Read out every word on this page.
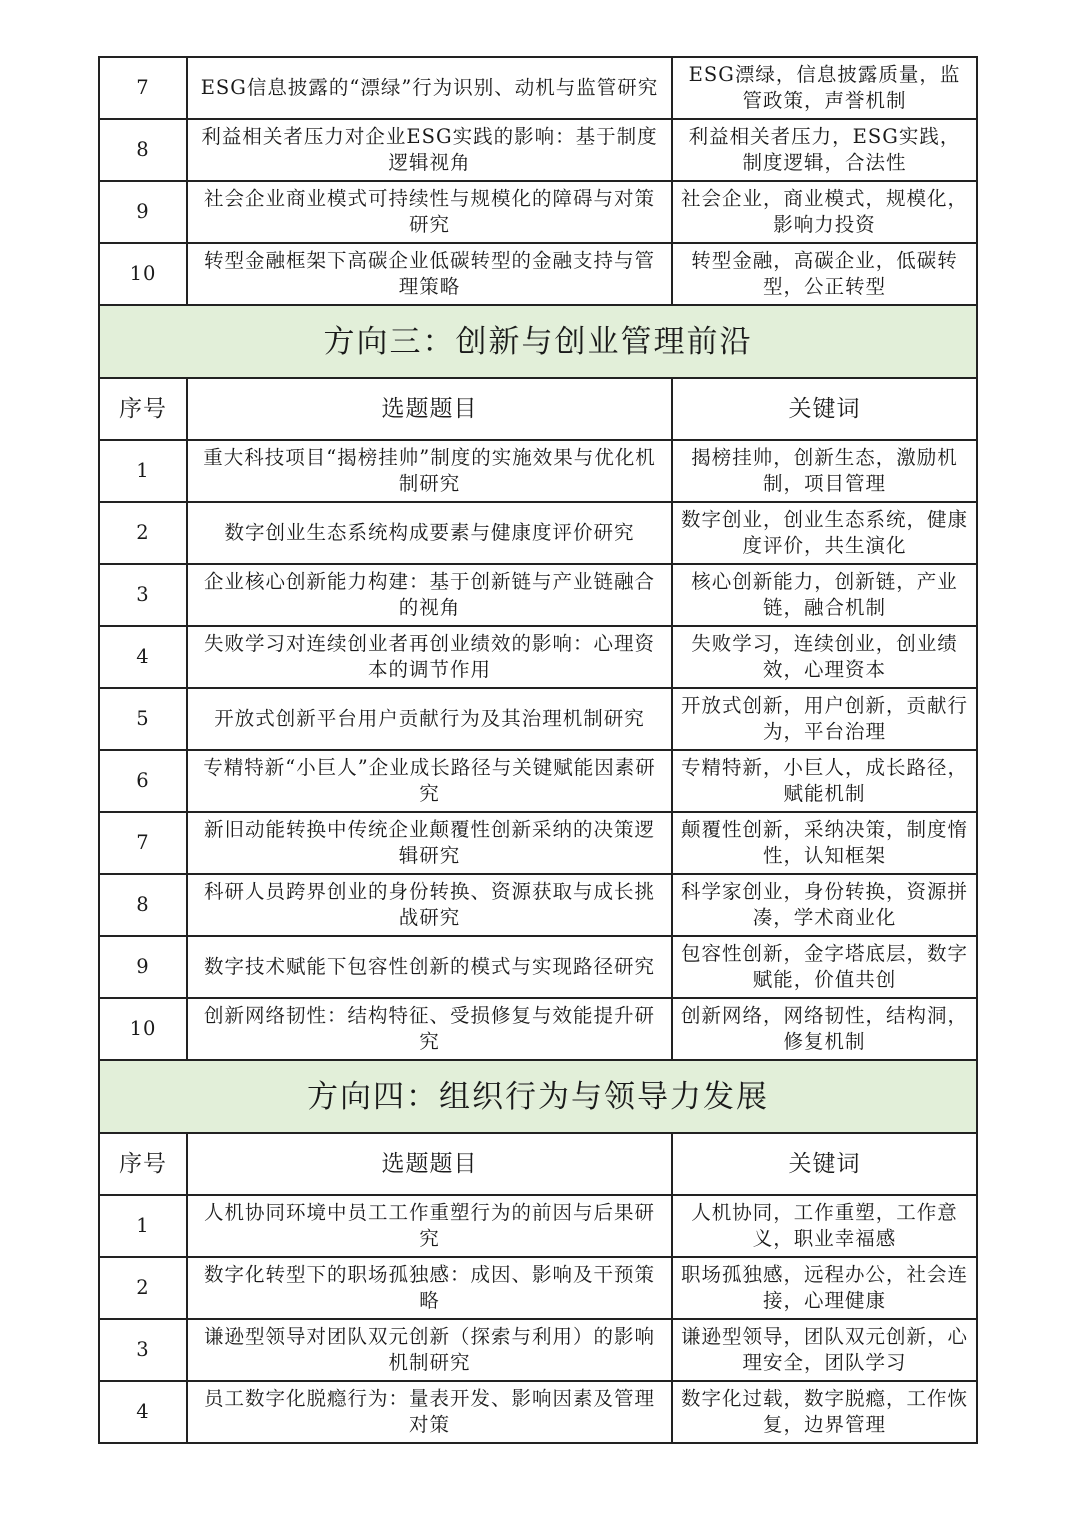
7	ESG信息披露的“漂绿”行为识别、动机与监管研究	ESG漂绿，信息披露质量，监管政策，声誉机制
8	利益相关者压力对企业ESG实践的影响：基于制度逻辑视角	利益相关者压力，ESG实践，制度逻辑，合法性
9	社会企业商业模式可持续性与规模化的障碍与对策研究	社会企业，商业模式，规模化，影响力投资
10	转型金融框架下高碳企业低碳转型的金融支持与管理策略	转型金融，高碳企业，低碳转型，公正转型
方向三：创新与创业管理前沿		
序号	选题题目	关键词
1	重大科技项目“揭榜挂帅”制度的实施效果与优化机制研究	揭榜挂帅，创新生态，激励机制，项目管理
2	数字创业生态系统构成要素与健康度评价研究	数字创业，创业生态系统，健康度评价，共生演化
3	企业核心创新能力构建：基于创新链与产业链融合的视角	核心创新能力，创新链，产业链，融合机制
4	失败学习对连续创业者再创业绩效的影响：心理资本的调节作用	失败学习，连续创业，创业绩效，心理资本
5	开放式创新平台用户贡献行为及其治理机制研究	开放式创新，用户创新，贡献行为，平台治理
6	专精特新“小巨人”企业成长路径与关键赋能因素研究	专精特新，小巨人，成长路径，赋能机制
7	新旧动能转换中传统企业颠覆性创新采纳的决策逻辑研究	颠覆性创新，采纳决策，制度惰性，认知框架
8	科研人员跨界创业的身份转换、资源获取与成长挑战研究	科学家创业，身份转换，资源拼凑，学术商业化
9	数字技术赋能下包容性创新的模式与实现路径研究	包容性创新，金字塔底层，数字赋能，价值共创
10	创新网络韧性：结构特征、受损修复与效能提升研究	创新网络，网络韧性，结构洞，修复机制
方向四：组织行为与领导力发展		
序号	选题题目	关键词
1	人机协同环境中员工工作重塑行为的前因与后果研究	人机协同，工作重塑，工作意义，职业幸福感
2	数字化转型下的职场孤独感：成因、影响及干预策略	职场孤独感，远程办公，社会连接，心理健康
3	谦逊型领导对团队双元创新（探索与利用）的影响机制研究	谦逊型领导，团队双元创新，心理安全，团队学习
4	员工数字化脱瘾行为：量表开发、影响因素及管理对策	数字化过载，数字脱瘾，工作恢复，边界管理
